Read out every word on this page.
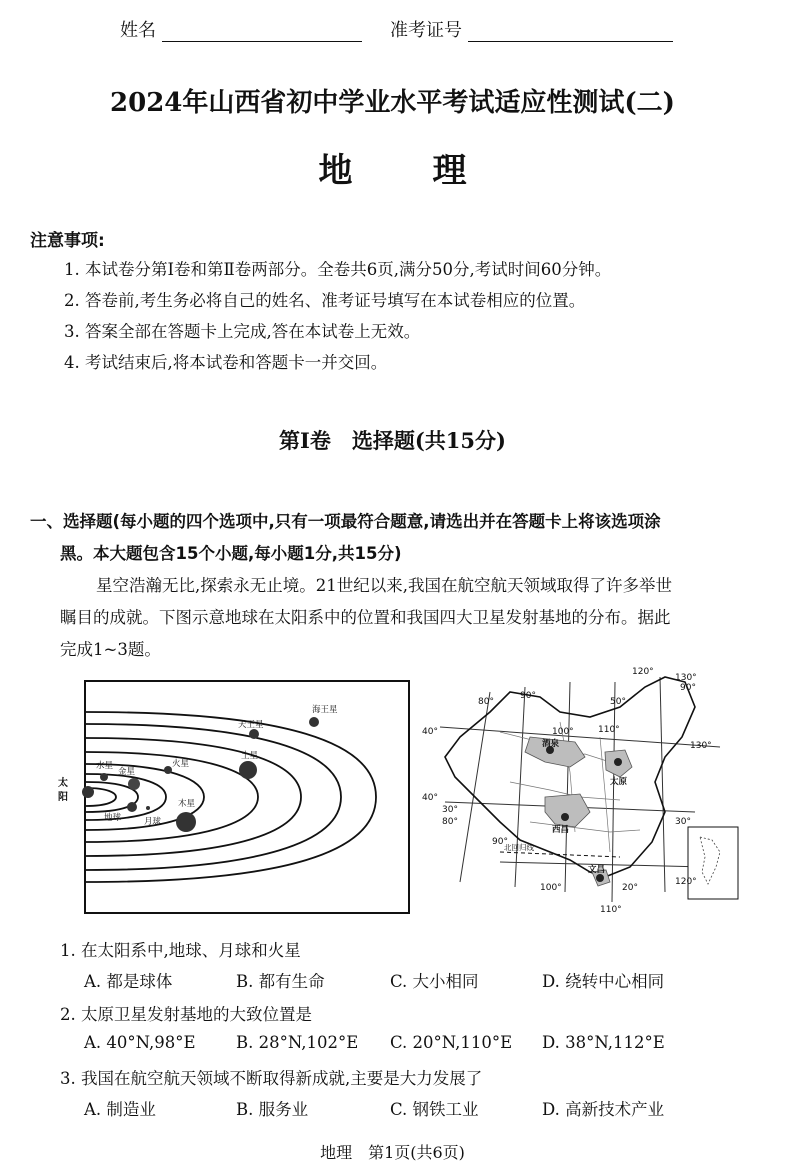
姓名	准考证号
2024年山西省初中学业水平考试适应性测试(二)
地理
注意事项:
1. 本试卷分第Ⅰ卷和第Ⅱ卷两部分。全卷共6页,满分50分,考试时间60分钟。
2. 答卷前,考生务必将自己的姓名、准考证号填写在本试卷相应的位置。
3. 答案全部在答题卡上完成,答在本试卷上无效。
4. 考试结束后,将本试卷和答题卡一并交回。
第Ⅰ卷　选择题(共15分)
一、选择题(每小题的四个选项中,只有一项最符合题意,请选出并在答题卡上将该选项涂
黑。本大题包含15个小题,每小题1分,共15分)
星空浩瀚无比,探索永无止境。21世纪以来,我国在航空航天领域取得了许多举世
瞩目的成就。下图示意地球在太阳系中的位置和我国四大卫星发射基地的分布。据此
完成1~3题。
太
阳
水星
金星
火星
地球	月球
木星
土星
天王星
海王星
80°
90°
100°	110°
120°
130°
40°
50°
30°
20°
130°
90°
100°
110°
120°
40°
30°
80°
90°
酒泉
太原
西昌
文昌
北回归线
1. 在太阳系中,地球、月球和火星
A. 都是球体	B. 都有生命	C. 大小相同	D. 绕转中心相同
2. 太原卫星发射基地的大致位置是
A. 40°N,98°E B. 28°N,102°E C. 20°N,110°E D. 38°N,112°E
3. 我国在航空航天领域不断取得新成就,主要是大力发展了
A. 制造业	B. 服务业	C. 钢铁工业	D. 高新技术产业
地理　第1页(共6页)
